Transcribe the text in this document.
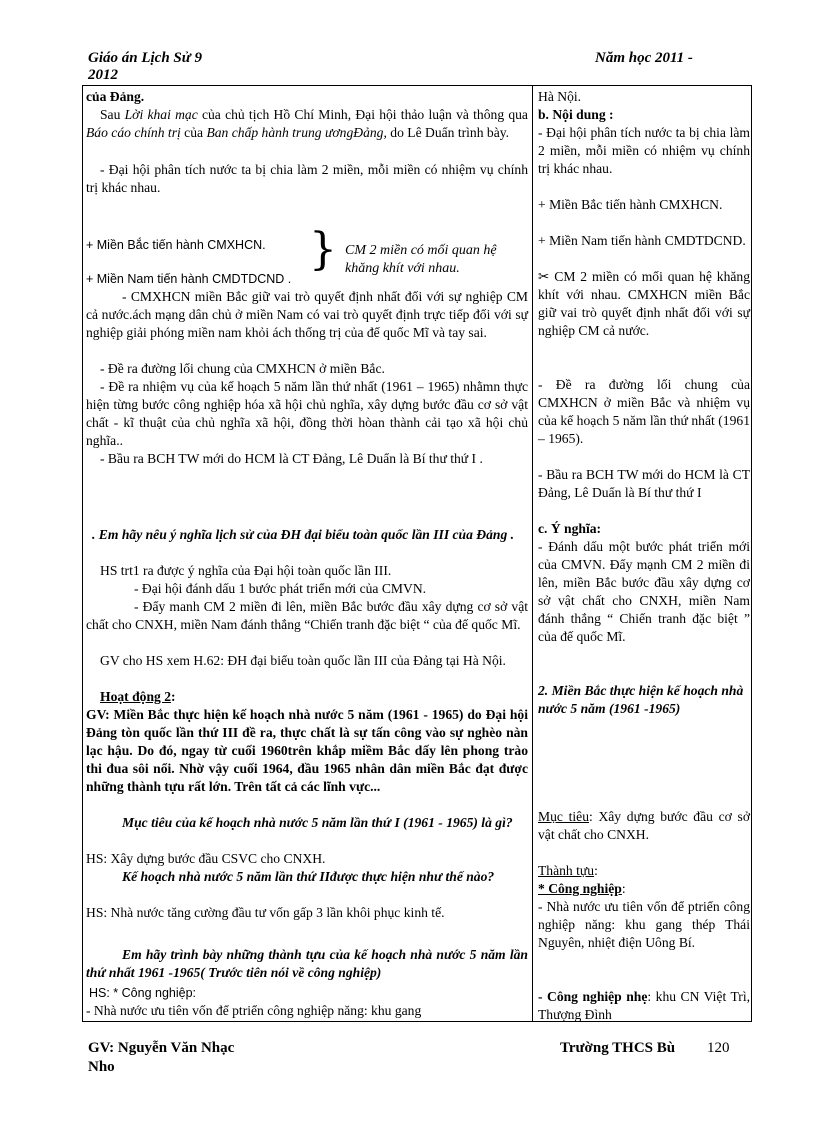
Giáo án Lịch Sử 9
2012
Năm học 2011 -
của Đảng.
Sau Lời khai mạc của chủ tịch Hồ Chí Minh, Đại hội thảo luận và thông qua Báo cáo chính trị của Ban chấp hành trung ươngĐảng, do Lê Duẩn trình bày.
- Đại hội phân tích nước ta bị chia làm 2 miền, mỗi miền có nhiệm vụ chính trị khác nhau.
+ Miền Bắc tiến hành CMXHCN.
+ Miền Nam tiến hành CMDTDCND .
} CM 2 miền có mối quan hệ khăng khít với nhau.
- CMXHCN miền Bắc giữ vai trò quyết định nhất đối với sự nghiệp CM cả nước.ách mạng dân chủ ở miền Nam có vai trò quyết định trực tiếp đối với sự nghiệp giải phóng miền nam khỏi ách thống trị của đế quốc Mĩ và tay sai.
- Đề ra đường lối chung của CMXHCN ở miền Bắc.
- Đề ra nhiệm vụ của kế hoạch 5 năm lần thứ nhất (1961 – 1965) nhằmn thực hiện từng bước công nghiệp hóa xã hội chủ nghĩa, xây dựng bước đầu cơ sở vật chất - kĩ thuật của chủ nghĩa xã hội, đồng thời hòan thành cải tạo xã hội chủ nghĩa..
- Bầu ra BCH TW mới do HCM là CT Đảng, Lê Duẩn là Bí thư thứ I .
. Em hãy nêu ý nghĩa lịch sử của ĐH đại biểu toàn quốc lần III của Đảng .
HS trt1 ra được ý nghĩa của Đại hội toàn quốc lần III.
- Đại hội đánh dấu 1 bước phát triển mới của CMVN.
- Đẩy manh CM 2 miền đi lên, miền Bắc bước đầu xây dựng cơ sở vật chất cho CNXH, miền Nam đánh thắng “Chiến tranh đặc biệt “ của đế quốc Mĩ.
GV cho HS xem H.62: ĐH đại biểu toàn quốc lần III của Đảng tại Hà Nội.
Hoạt động 2:
GV: Miền Bắc thực hiện kế hoạch nhà nước 5 năm (1961 - 1965) do Đại hội Đảng tòn quốc lần thứ III đề ra, thực chất là sự tấn công vào sự nghèo nàn lạc hậu. Do đó, ngay từ cuối 1960trên khắp miềm Bắc dấy lên phong trào thi đua sôi nổi. Nhờ vậy cuối 1964, đầu 1965 nhân dân miền Bắc đạt được những thành tựu rất lớn. Trên tất cả các lĩnh vực...
Mục tiêu của kế hoạch nhà nước 5 năm lần thứ I (1961 - 1965) là gì?
HS: Xây dựng bước đầu CSVC cho CNXH.
Kế hoạch nhà nước 5 năm lần thứ IIđược thực hiện như thế nào?
HS: Nhà nước tăng cường đầu tư vốn gấp 3 lần khôi phục kinh tế.
Em hãy trình bày những thành tựu của kế hoạch nhà nước 5 năm lần thứ nhất 1961 -1965( Trước tiên nói về công nghiệp)
HS: * Công nghiệp:
- Nhà nước ưu tiên vốn để ptriển công nghiệp năng: khu gang
Hà Nội.
b. Nội dung :
- Đại hội phân tích nước ta bị chia làm 2 miền, mỗi miền có nhiệm vụ chính trị khác nhau.
+ Miền Bắc tiến hành CMXHCN.
+ Miền Nam tiến hành CMDTDCND.
✂ CM 2 miền có mối quan hệ khăng khít với nhau. CMXHCN miền Bắc giữ vai trò quyết định nhất đối với sự nghiệp CM cả nước.
- Đề ra đường lối chung của CMXHCN ở miền Bắc và nhiệm vụ của kế hoạch 5 năm lần thứ nhất (1961 – 1965).
- Bầu ra BCH TW mới do HCM là CT Đảng, Lê Duẩn là Bí thư thứ I
c. Ý nghĩa:
- Đánh dấu một bước phát triển mới của CMVN. Đẩy mạnh CM 2 miền đi lên, miền Bắc bước đầu xây dựng cơ sở vật chất cho CNXH, miền Nam đánh thắng “ Chiến tranh đặc biệt ” của đế quốc Mĩ.
2. Miền Bắc thực hiện kế hoạch nhà nước 5 năm (1961 -1965)
Mục tiêu: Xây dựng bước đầu cơ sở vật chất cho CNXH.
Thành tựu:
* Công nghiệp:
- Nhà nước ưu tiên vốn để ptriển công nghiệp năng: khu gang thép Thái Nguyên, nhiệt điện Uông Bí.
- Công nghiệp nhẹ: khu CN Việt Trì, Thượng Đình
GV: Nguyễn Văn Nhạc
Nho
Trường THCS Bù 120
